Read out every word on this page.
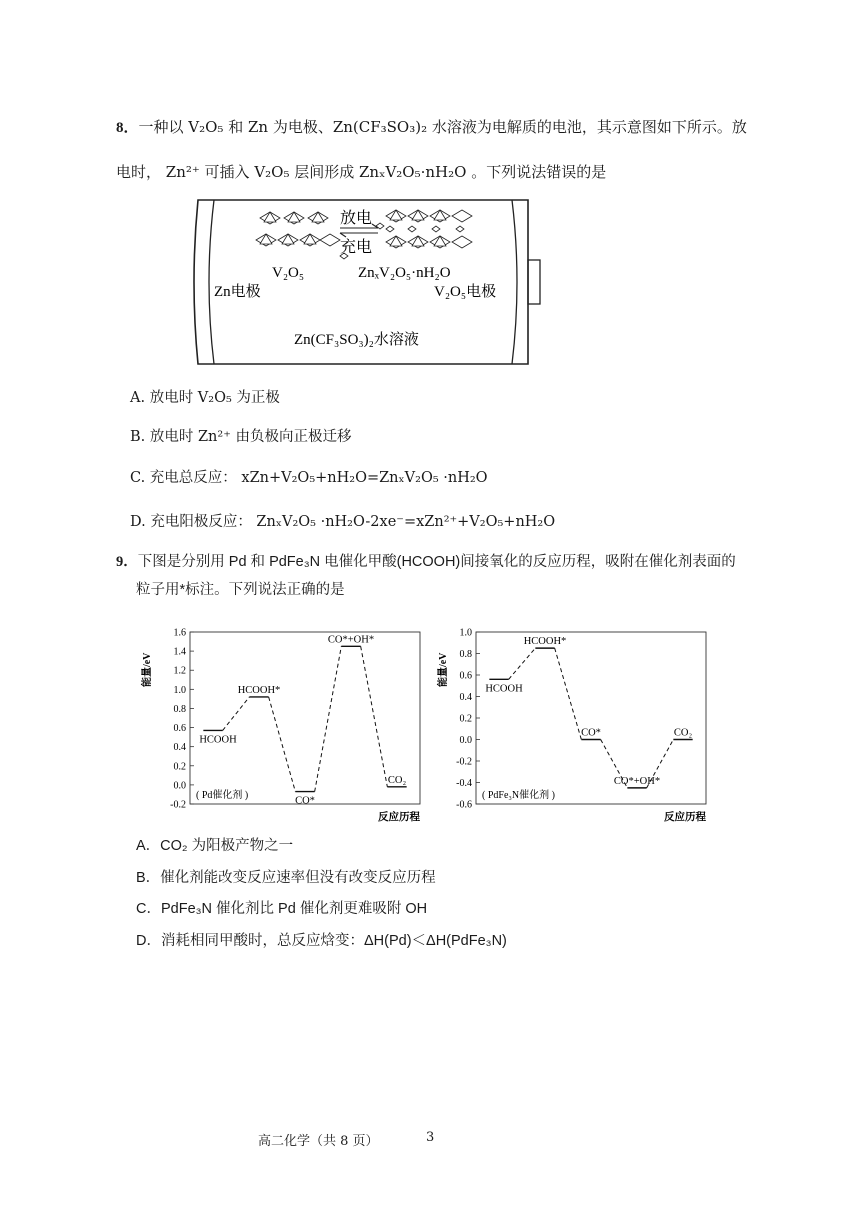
8．一种以 V₂O₅ 和 Zn 为电极、Zn(CF₃SO₃)₂ 水溶液为电解质的电池，其示意图如下所示。放
电时， Zn²⁺ 可插入 V₂O₅ 层间形成 ZnₓV₂O₅·nH₂O 。下列说法错误的是
放电
充电
V₂O₅	ZnₓV₂O₅·nH₂O
Zn电极	V₂O₅电极
Zn(CF₃SO₃)₂水溶液
A. 放电时 V₂O₅ 为正极
B. 放电时 Zn²⁺ 由负极向正极迁移
C. 充电总反应： xZn+V₂O₅+nH₂O=ZnₓV₂O₅ ·nH₂O
D. 充电阳极反应： ZnₓV₂O₅ ·nH₂O-2xe⁻=xZn²⁺+V₂O₅+nH₂O
9．下图是分别用 Pd 和 PdFe₃N 电催化甲酸(HCOOH)间接氧化的反应历程，吸附在催化剂表面的
粒子用*标注。下列说法正确的是
1.6
1.4
1.2
1.0
0.8
0.6
0.4
0.2
0.0
-0.2
能量/eV
反应历程
( Pd催化剂 )
HCOOH
HCOOH*
CO*
CO*+OH*
CO₂
1.0
0.8
0.6
0.4
0.2
0.0
-0.2
-0.4
-0.6
能量/eV
反应历程
( PdFe₃N催化剂 )
HCOOH
HCOOH*
CO*
CO*+OH*
CO₂
A．CO₂ 为阳极产物之一
B．催化剂能改变反应速率但没有改变反应历程
C．PdFe₃N 催化剂比 Pd 催化剂更难吸附 OH
D．消耗相同甲酸时，总反应焓变：ΔH(Pd)＜ΔH(PdFe₃N)
高二化学（共 8 页）	3
